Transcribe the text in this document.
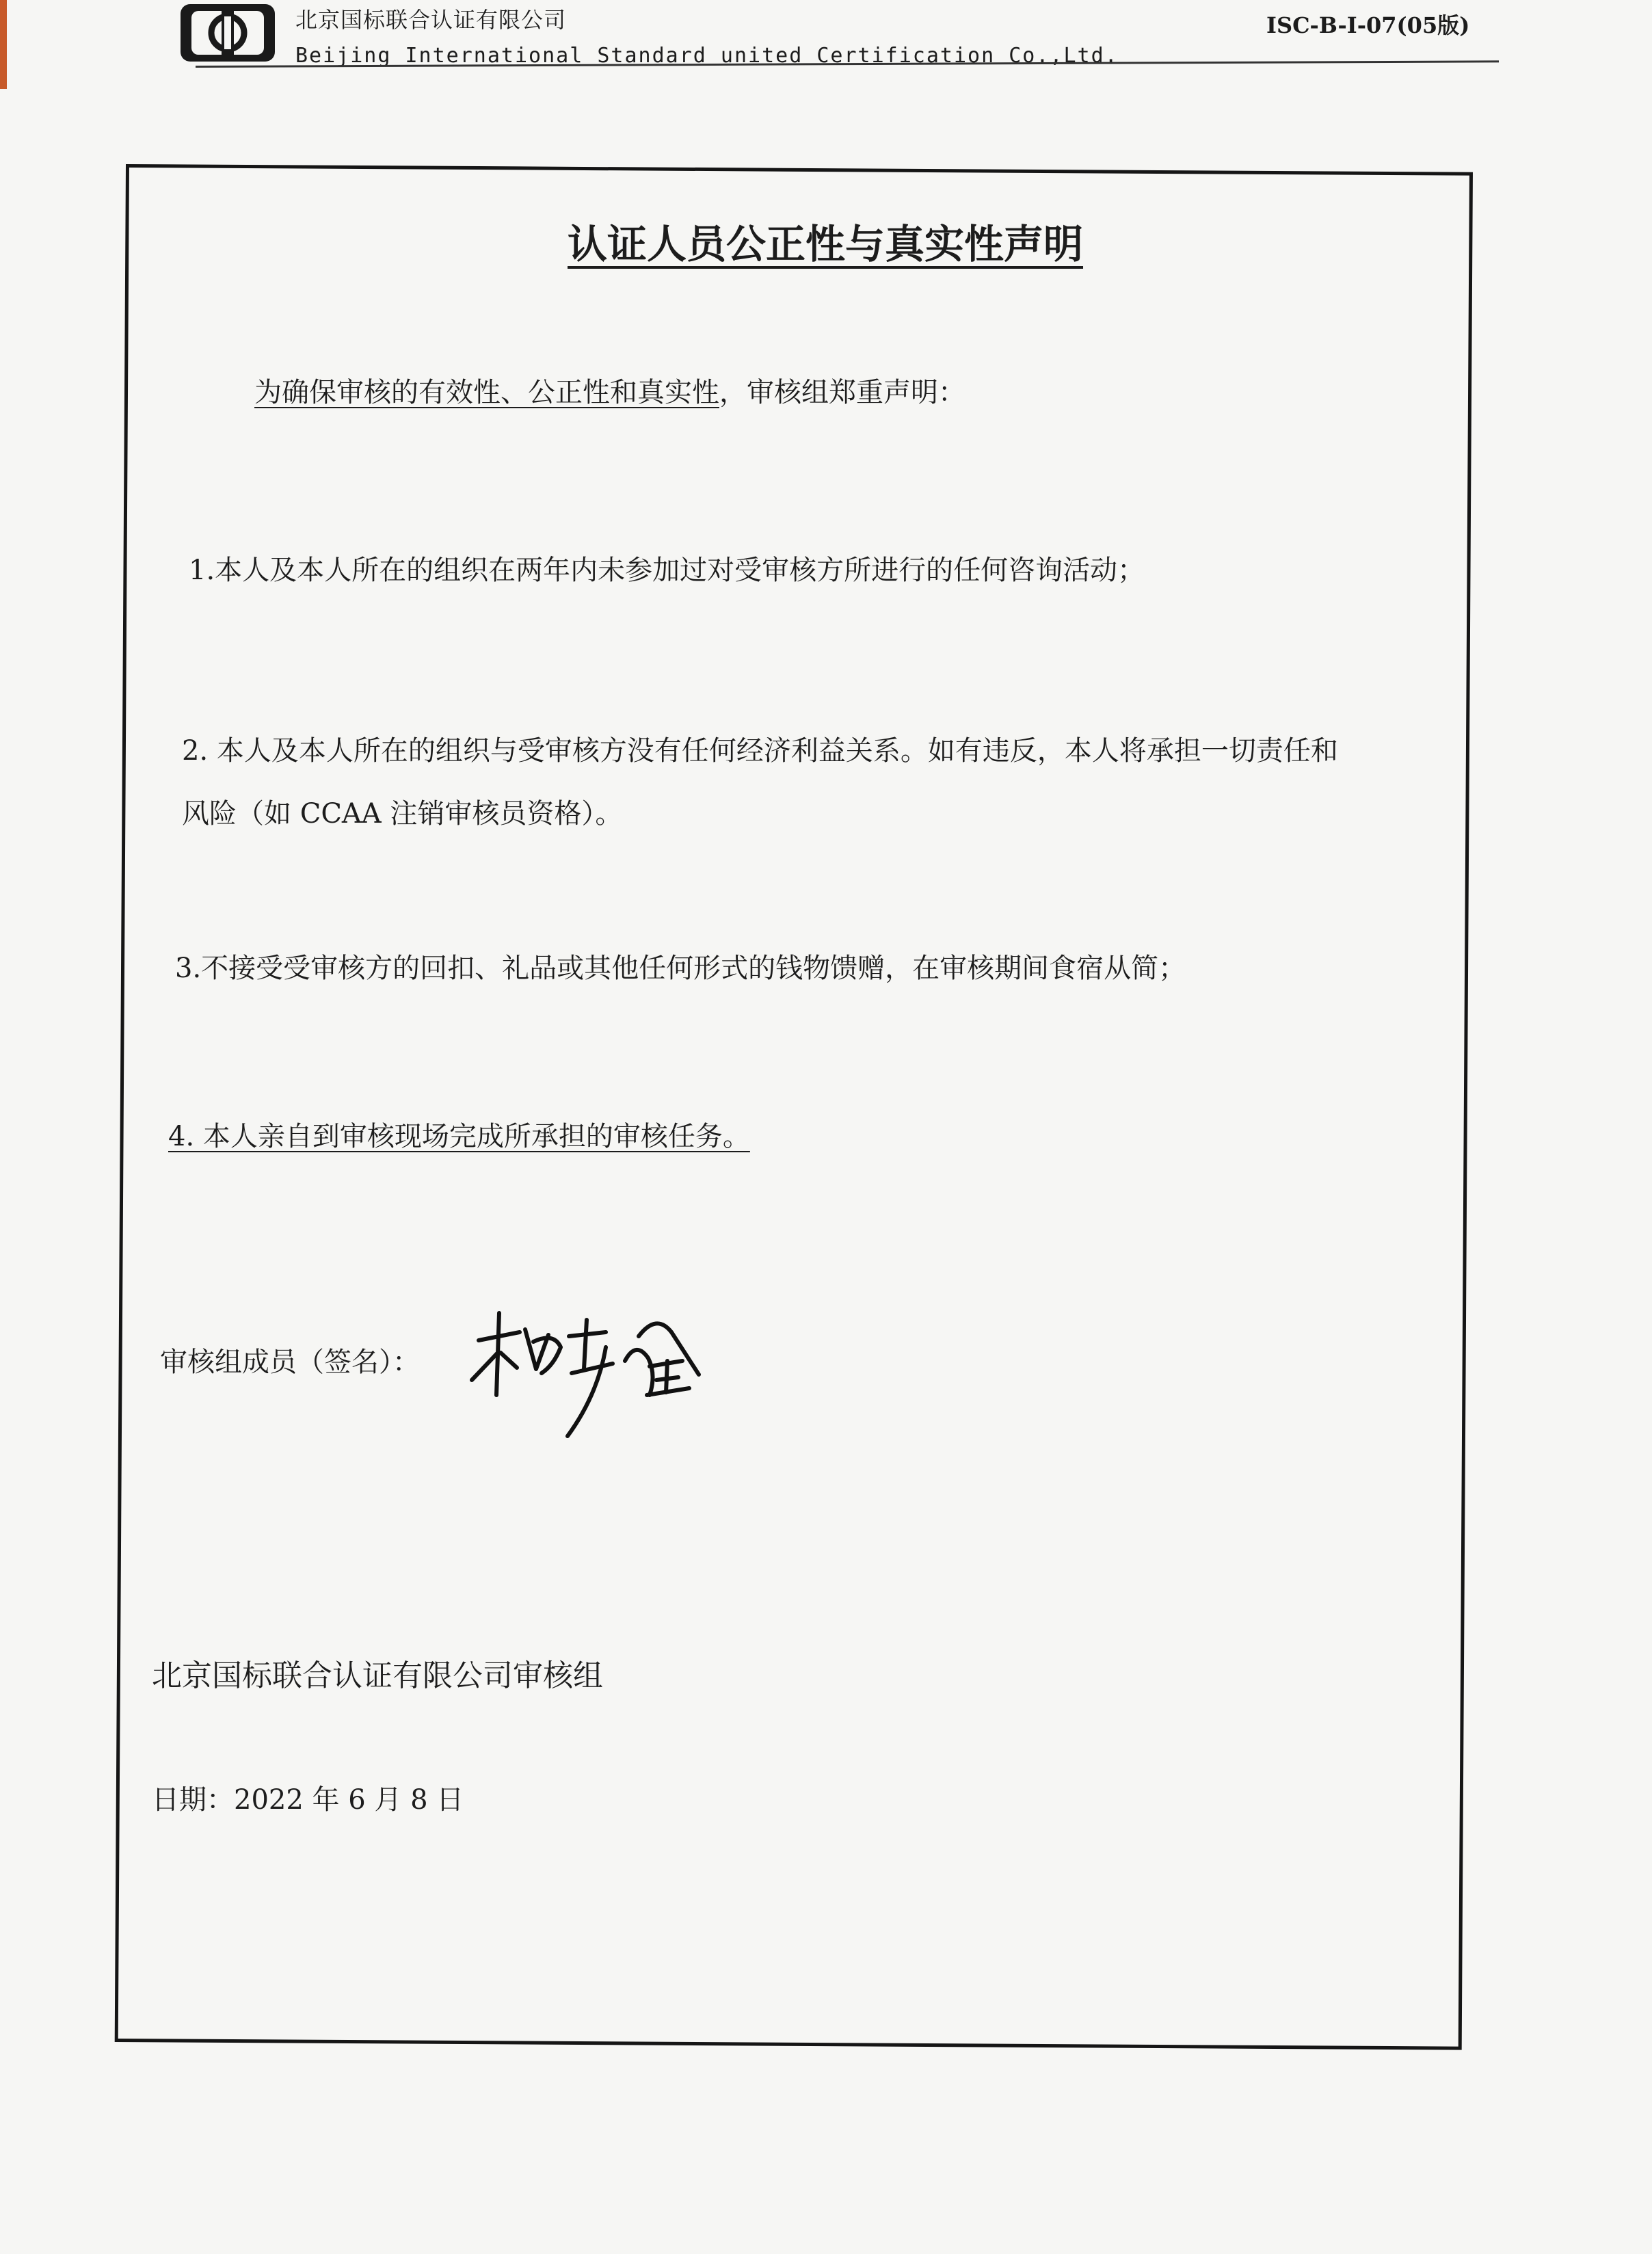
北京国标联合认证有限公司
Beijing International Standard united Certification Co.,Ltd.
ISC-B-I-07(05版)
认证人员公正性与真实性声明
为确保审核的有效性、公正性和真实性，审核组郑重声明：
1.本人及本人所在的组织在两年内未参加过对受审核方所进行的任何咨询活动；
2. 本人及本人所在的组织与受审核方没有任何经济利益关系。如有违反，本人将承担一切责任和
风险（如 CCAA 注销审核员资格）。
3.不接受受审核方的回扣、礼品或其他任何形式的钱物馈赠，在审核期间食宿从简；
4. 本人亲自到审核现场完成所承担的审核任务。
审核组成员（签名）：
北京国标联合认证有限公司审核组
日期：2022 年 6 月 8 日
